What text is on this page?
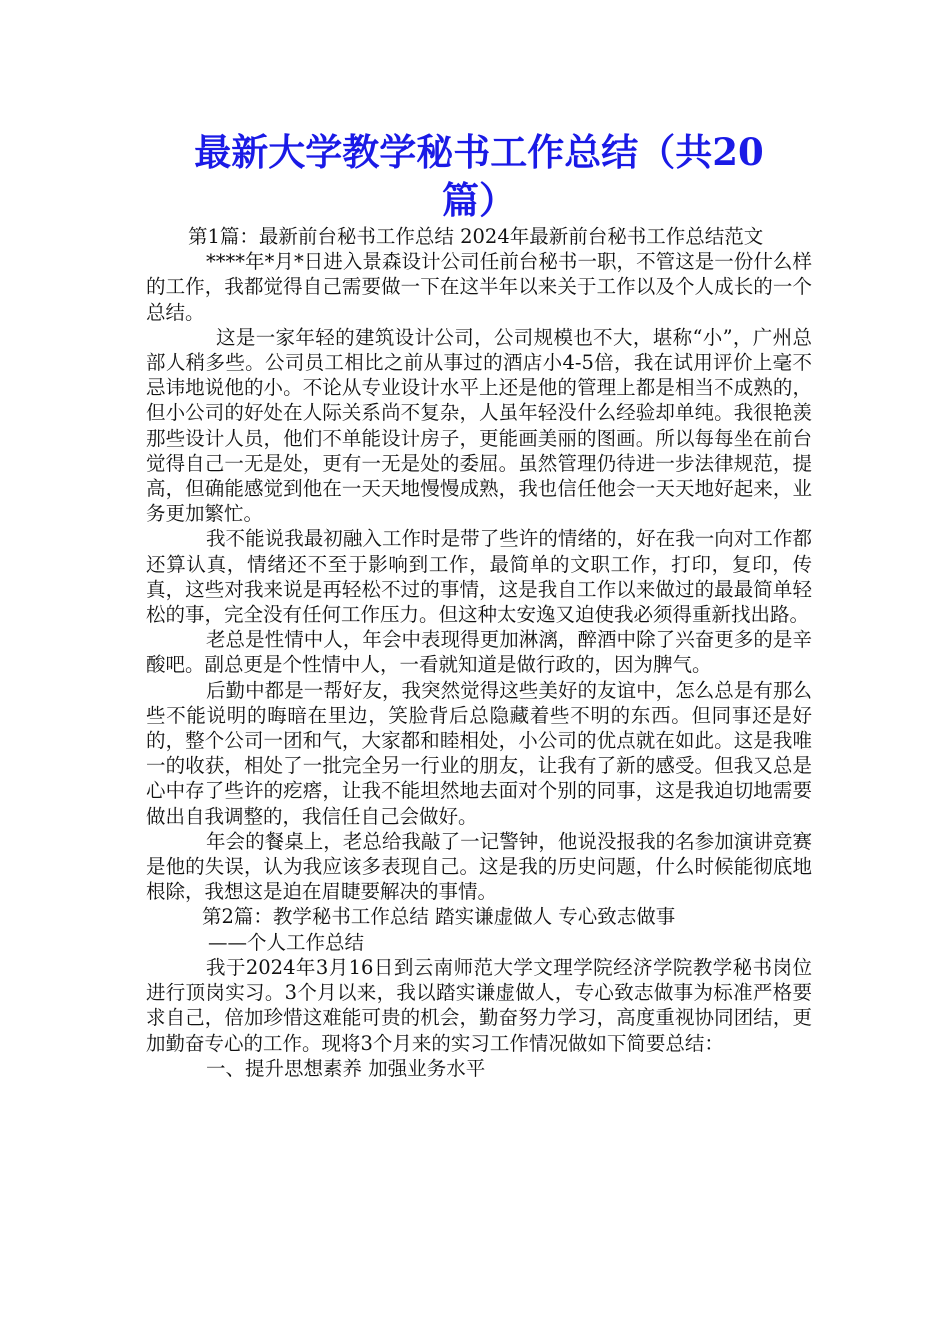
最新大学教学秘书工作总结（共20
篇）

第1篇：最新前台秘书工作总结 2024年最新前台秘书工作总结范文

****年*月*日进入景森设计公司任前台秘书一职，不管这是一份什么样的工作，我都觉得自己需要做一下在这半年以来关于工作以及个人成长的一个总结。

这是一家年轻的建筑设计公司，公司规模也不大，堪称“小”，广州总部人稍多些。公司员工相比之前从事过的酒店小4-5倍，我在试用评价上毫不忌讳地说他的小。不论从专业设计水平上还是他的管理上都是相当不成熟的，但小公司的好处在人际关系尚不复杂，人虽年轻没什么经验却单纯。我很艳羡那些设计人员，他们不单能设计房子，更能画美丽的图画。所以每每坐在前台觉得自己一无是处，更有一无是处的委屈。虽然管理仍待进一步法律规范，提高，但确能感觉到他在一天天地慢慢成熟，我也信任他会一天天地好起来，业务更加繁忙。

我不能说我最初融入工作时是带了些许的情绪的，好在我一向对工作都还算认真，情绪还不至于影响到工作，最简单的文职工作，打印，复印，传真，这些对我来说是再轻松不过的事情，这是我自工作以来做过的最最简单轻松的事，完全没有任何工作压力。但这种太安逸又迫使我必须得重新找出路。

老总是性情中人，年会中表现得更加淋漓，醉酒中除了兴奋更多的是辛酸吧。副总更是个性情中人，一看就知道是做行政的，因为脾气。

后勤中都是一帮好友，我突然觉得这些美好的友谊中，怎么总是有那么些不能说明的晦暗在里边，笑脸背后总隐藏着些不明的东西。但同事还是好的，整个公司一团和气，大家都和睦相处，小公司的优点就在如此。这是我唯一的收获，相处了一批完全另一行业的朋友，让我有了新的感受。但我又总是心中存了些许的疙瘩，让我不能坦然地去面对个别的同事，这是我迫切地需要做出自我调整的，我信任自己会做好。

年会的餐桌上，老总给我敲了一记警钟，他说没报我的名参加演讲竞赛是他的失误，认为我应该多表现自己。这是我的历史问题，什么时候能彻底地根除，我想这是迫在眉睫要解决的事情。

第2篇：教学秘书工作总结 踏实谦虚做人 专心致志做事

——个人工作总结

我于2024年3月16日到云南师范大学文理学院经济学院教学秘书岗位进行顶岗实习。3个月以来，我以踏实谦虚做人，专心致志做事为标准严格要求自己，倍加珍惜这难能可贵的机会，勤奋努力学习，高度重视协同团结，更加勤奋专心的工作。现将3个月来的实习工作情况做如下简要总结：

一、提升思想素养 加强业务水平
